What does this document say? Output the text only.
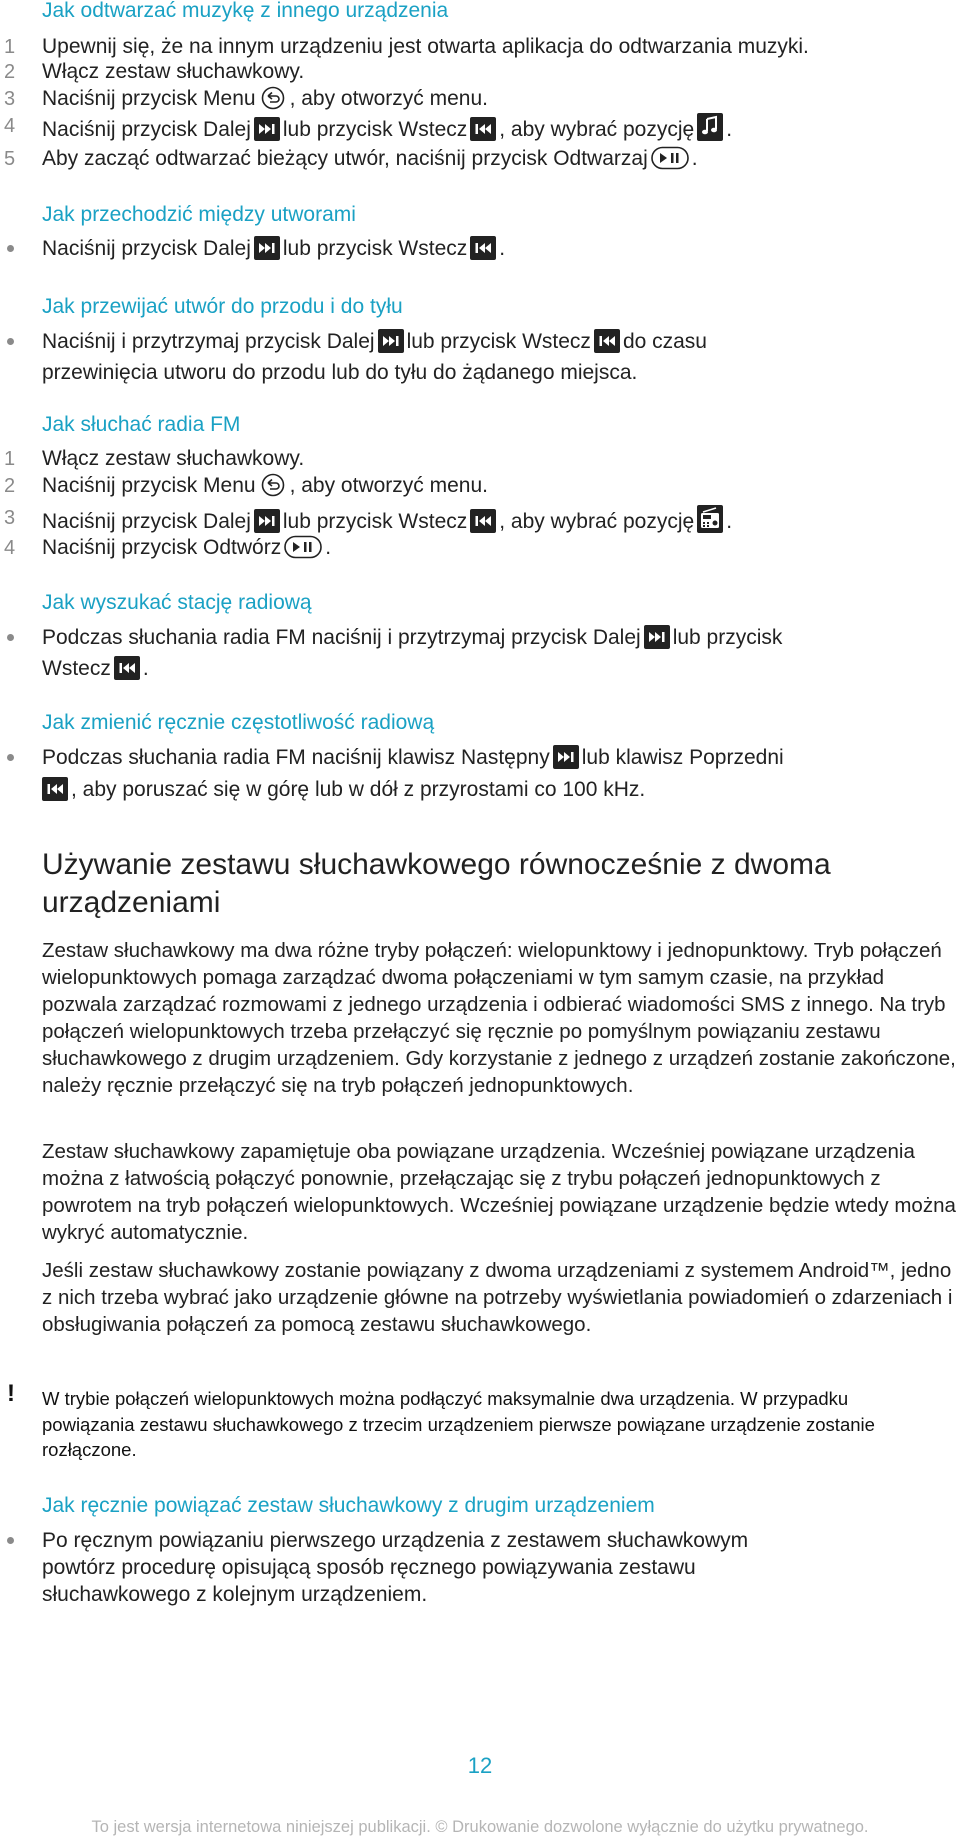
Jak odtwarzać muzykę z innego urządzenia
1 Upewnij się, że na innym urządzeniu jest otwarta aplikacja do odtwarzania muzyki.
2 Włącz zestaw słuchawkowy.
3 Naciśnij przycisk Menu , aby otworzyć menu.
4 Naciśnij przycisk Dalej lub przycisk Wstecz , aby wybrać pozycję .
5 Aby zacząć odtwarzać bieżący utwór, naciśnij przycisk Odtwarzaj .
Jak przechodzić między utworami
Naciśnij przycisk Dalej lub przycisk Wstecz .
Jak przewijać utwór do przodu i do tyłu
Naciśnij i przytrzymaj przycisk Dalej lub przycisk Wstecz do czasu
przewinięcia utworu do przodu lub do tyłu do żądanego miejsca.
Jak słuchać radia FM
1 Włącz zestaw słuchawkowy.
2 Naciśnij przycisk Menu , aby otworzyć menu.
3 Naciśnij przycisk Dalej lub przycisk Wstecz , aby wybrać pozycję .
4 Naciśnij przycisk Odtwórz .
Jak wyszukać stację radiową
Podczas słuchania radia FM naciśnij i przytrzymaj przycisk Dalej lub przycisk
Wstecz .
Jak zmienić ręcznie częstotliwość radiową
Podczas słuchania radia FM naciśnij klawisz Następny lub klawisz Poprzedni
, aby poruszać się w górę lub w dół z przyrostami co 100 kHz.
Używanie zestawu słuchawkowego równocześnie z dwoma urządzeniami

Zestaw słuchawkowy ma dwa różne tryby połączeń: wielopunktowy i jednopunktowy. Tryb połączeń wielopunktowych pomaga zarządzać dwoma połączeniami w tym samym czasie, na przykład pozwala zarządzać rozmowami z jednego urządzenia i odbierać wiadomości SMS z innego. Na tryb połączeń wielopunktowych trzeba przełączyć się ręcznie po pomyślnym powiązaniu zestawu słuchawkowego z drugim urządzeniem. Gdy korzystanie z jednego z urządzeń zostanie zakończone, należy ręcznie przełączyć się na tryb połączeń jednopunktowych.

Zestaw słuchawkowy zapamiętuje oba powiązane urządzenia. Wcześniej powiązane urządzenia można z łatwością połączyć ponownie, przełączając się z trybu połączeń jednopunktowych z powrotem na tryb połączeń wielopunktowych. Wcześniej powiązane urządzenie będzie wtedy można wykryć automatycznie.

Jeśli zestaw słuchawkowy zostanie powiązany z dwoma urządzeniami z systemem Android™, jedno z nich trzeba wybrać jako urządzenie główne na potrzeby wyświetlania powiadomień o zdarzeniach i obsługiwania połączeń za pomocą zestawu słuchawkowego.

! W trybie połączeń wielopunktowych można podłączyć maksymalnie dwa urządzenia. W przypadku powiązania zestawu słuchawkowego z trzecim urządzeniem pierwsze powiązane urządzenie zostanie rozłączone.
Jak ręcznie powiązać zestaw słuchawkowy z drugim urządzeniem
Po ręcznym powiązaniu pierwszego urządzenia z zestawem słuchawkowym powtórz procedurę opisującą sposób ręcznego powiązywania zestawu słuchawkowego z kolejnym urządzeniem.
12
To jest wersja internetowa niniejszej publikacji. © Drukowanie dozwolone wyłącznie do użytku prywatnego.
